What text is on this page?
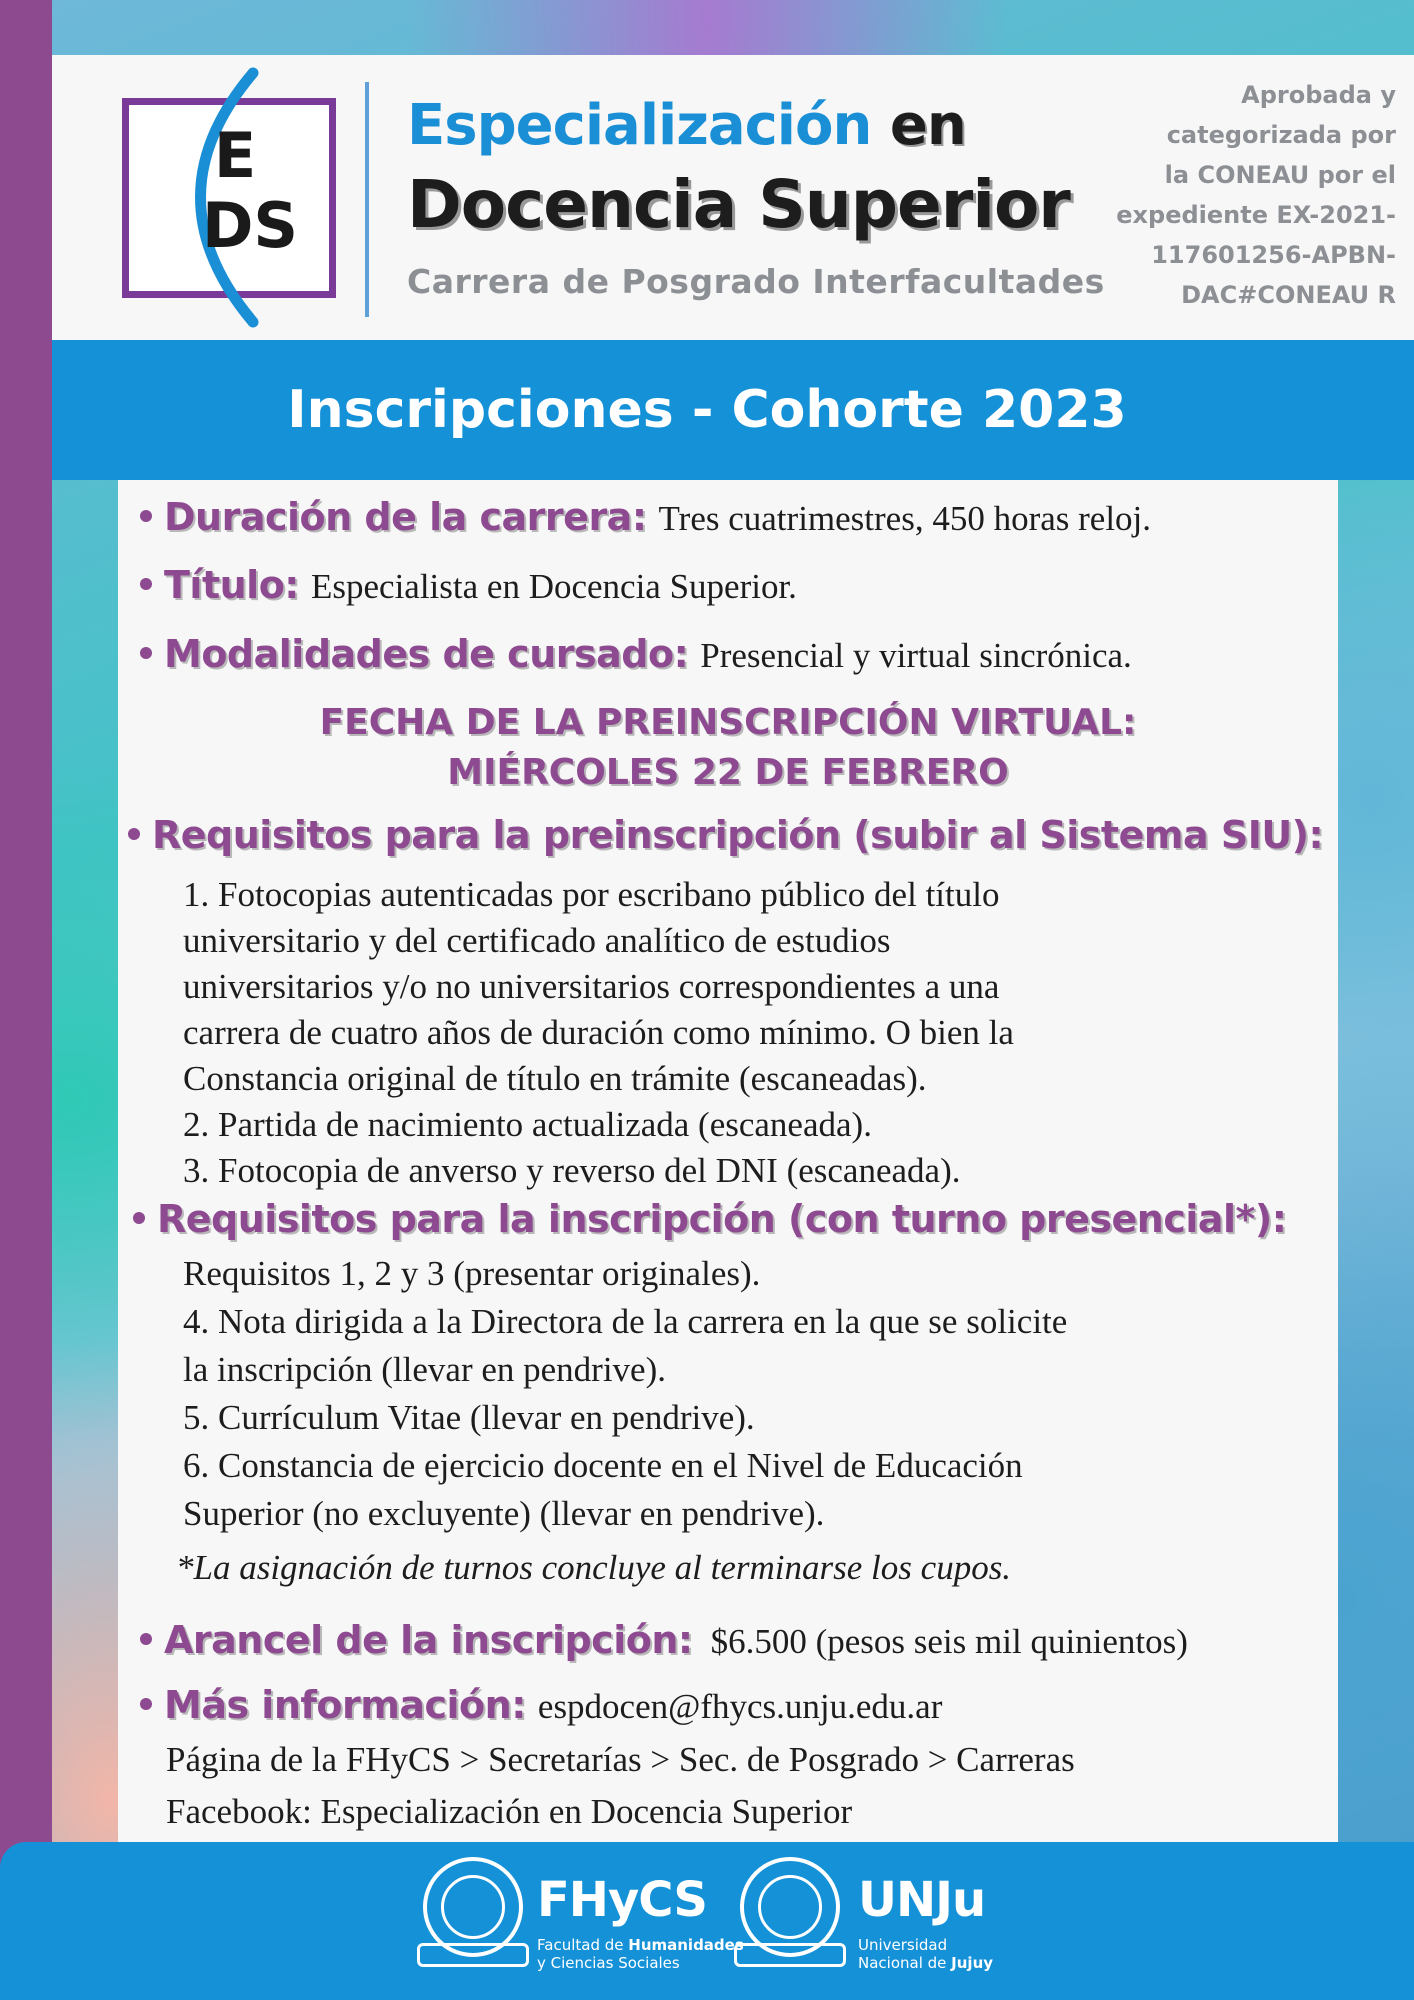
E
DS
Especialización en
Docencia Superior
Carrera de Posgrado Interfacultades
Aprobada y
categorizada por
la CONEAU por el
expediente EX-2021-
117601256-APBN-
DAC#CONEAU R
Inscripciones - Cohorte 2023
Duración de la carrera: Tres cuatrimestres, 450 horas reloj.
Título: Especialista en Docencia Superior.
Modalidades de cursado: Presencial y virtual sincrónica.
FECHA DE LA PREINSCRIPCIÓN VIRTUAL:
MIÉRCOLES 22 DE FEBRERO
Requisitos para la preinscripción (subir al Sistema SIU):
1. Fotocopias autenticadas por escribano público del título
universitario y del certificado analítico de estudios
universitarios y/o no universitarios correspondientes a una
carrera de cuatro años de duración como mínimo. O bien la
Constancia original de título en trámite (escaneadas).
2. Partida de nacimiento actualizada (escaneada).
3. Fotocopia de anverso y reverso del DNI (escaneada).
Requisitos para la inscripción (con turno presencial*):
Requisitos 1, 2 y 3 (presentar originales).
4. Nota dirigida a la Directora de la carrera en la que se solicite
la inscripción (llevar en pendrive).
5. Currículum Vitae (llevar en pendrive).
6. Constancia de ejercicio docente en el Nivel de Educación
Superior (no excluyente) (llevar en pendrive).
*La asignación de turnos concluye al terminarse los cupos.
Arancel de la inscripción: $6.500 (pesos seis mil quinientos)
Más información: espdocen@fhycs.unju.edu.ar
Página de la FHyCS > Secretarías > Sec. de Posgrado > Carreras
Facebook: Especialización en Docencia Superior
FHyCS
Facultad de Humanidades
y Ciencias Sociales
UNJu
Universidad
Nacional de Jujuy
